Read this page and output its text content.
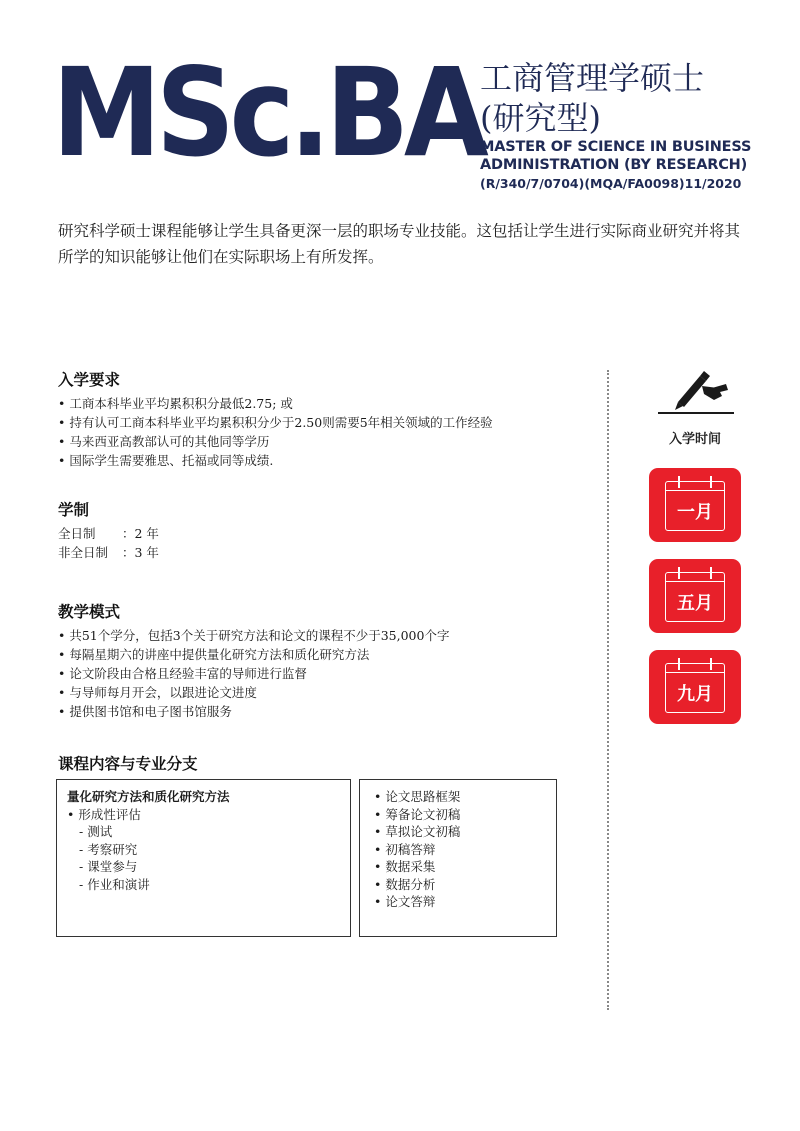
MSc.BA
工商管理学硕士
(研究型)

MASTER OF SCIENCE IN BUSINESS
ADMINISTRATION (BY RESEARCH)

(R/340/7/0704)(MQA/FA0098)11/2020

研究科学硕士课程能够让学生具备更深一层的职场专业技能。这包括让学生进行实际商业研究并将其所学的知识能够让他们在实际职场上有所发挥。

入学要求
• 工商本科毕业平均累积积分最低2.75; 或
• 持有认可工商本科毕业平均累积积分少于2.50则需要5年相关领域的工作经验
• 马来西亚高教部认可的其他同等学历
• 国际学生需要雅思、托福或同等成绩.
学制
全日制	：2 年
非全日制	：3 年
教学模式
• 共51个学分，包括3个关于研究方法和论文的课程不少于35,000个字
• 每隔星期六的讲座中提供量化研究方法和质化研究方法
• 论文阶段由合格且经验丰富的导师进行监督
• 与导师每月开会，以跟进论文进度
• 提供图书馆和电子图书馆服务
课程内容与专业分支
量化研究方法和质化研究方法
• 形成性评估
- 测试
- 考察研究
- 课堂参与
- 作业和演讲
• 论文思路框架
• 筹备论文初稿
• 草拟论文初稿
• 初稿答辩
• 数据采集
• 数据分析
• 论文答辩
入学时间
一月
五月
九月
